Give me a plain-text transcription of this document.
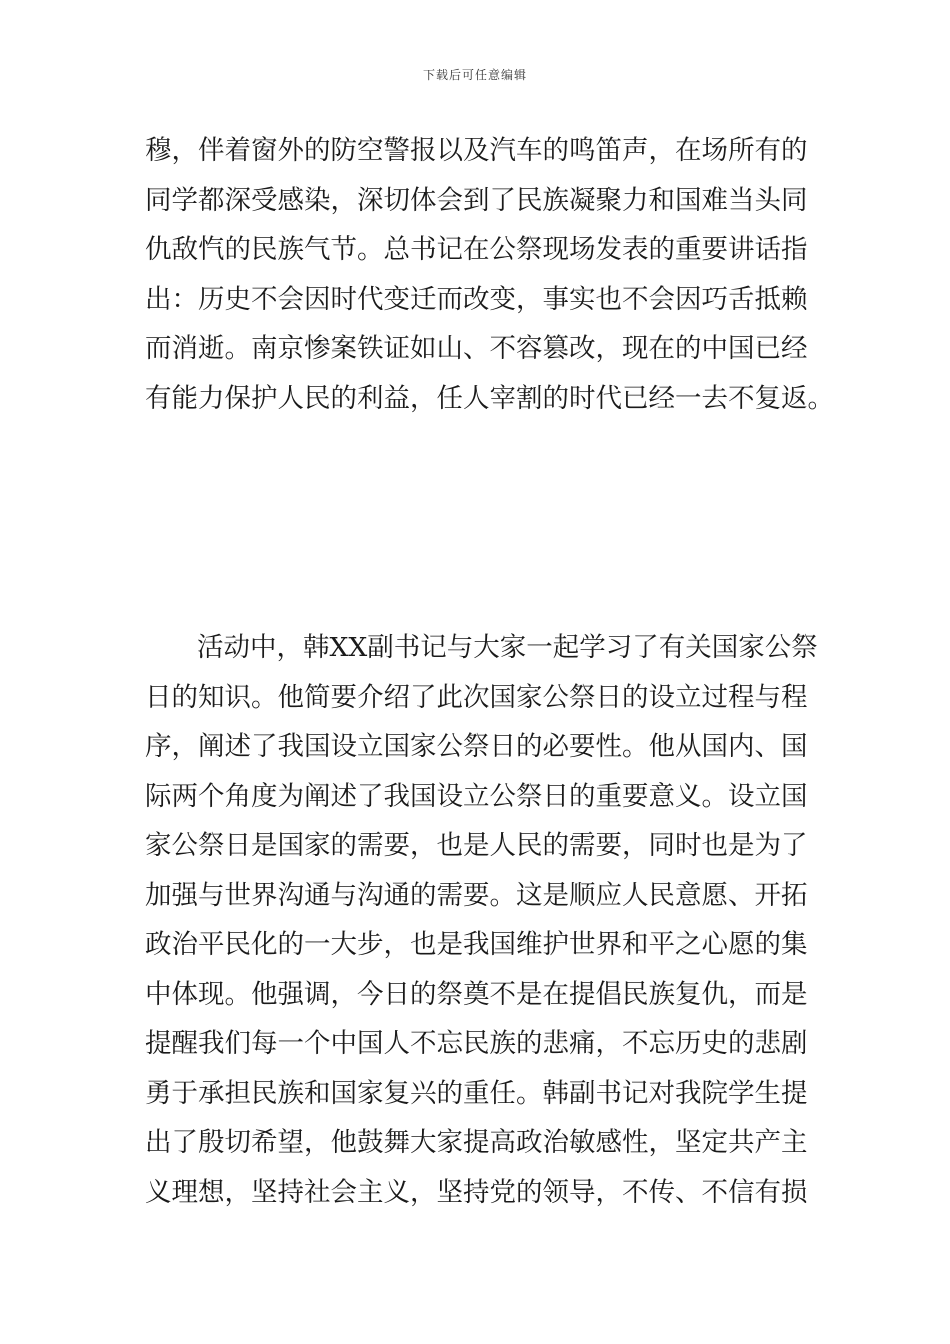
下载后可任意编辑
穆，伴着窗外的防空警报以及汽车的鸣笛声，在场所有的
同学都深受感染，深切体会到了民族凝聚力和国难当头同
仇敌忾的民族气节。总书记在公祭现场发表的重要讲话指
出：历史不会因时代变迁而改变，事实也不会因巧舌抵赖
而消逝。南京惨案铁证如山、不容篡改，现在的中国已经
有能力保护人民的利益，任人宰割的时代已经一去不复返。
活动中，韩XX副书记与大家一起学习了有关国家公祭
日的知识。他简要介绍了此次国家公祭日的设立过程与程
序，阐述了我国设立国家公祭日的必要性。他从国内、国
际两个角度为阐述了我国设立公祭日的重要意义。设立国
家公祭日是国家的需要，也是人民的需要，同时也是为了
加强与世界沟通与沟通的需要。这是顺应人民意愿、开拓
政治平民化的一大步，也是我国维护世界和平之心愿的集
中体现。他强调，今日的祭奠不是在提倡民族复仇，而是
提醒我们每一个中国人不忘民族的悲痛，不忘历史的悲剧
勇于承担民族和国家复兴的重任。韩副书记对我院学生提
出了殷切希望，他鼓舞大家提高政治敏感性，坚定共产主
义理想，坚持社会主义，坚持党的领导，不传、不信有损
